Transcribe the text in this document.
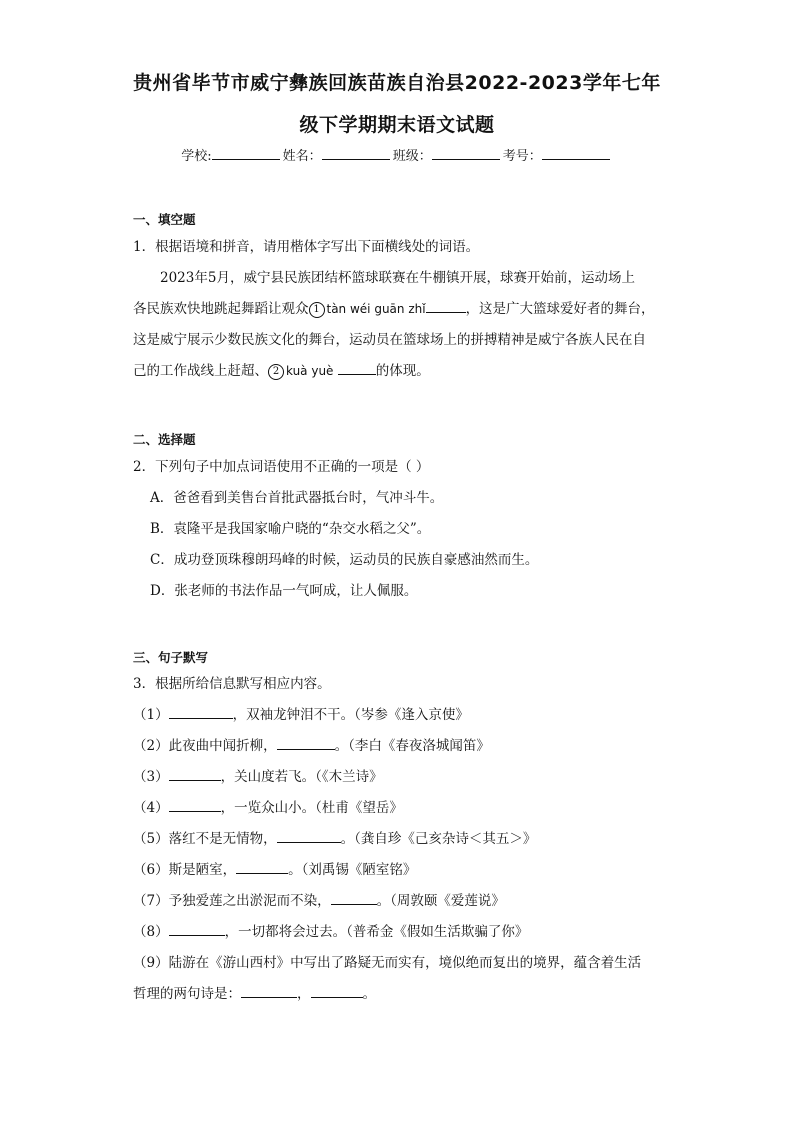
贵州省毕节市威宁彝族回族苗族自治县2022-2023学年七年
级下学期期末语文试题
学校:	姓名：	班级：	考号：
一、填空题
1．根据语境和拼音，请用楷体字写出下面横线处的词语。
2023年5月，威宁县民族团结杯篮球联赛在牛棚镇开展，球赛开始前，运动场上
各民族欢快地跳起舞蹈让观众 1 tàn wéi guān zhǐ	，这是广大篮球爱好者的舞台，
这是威宁展示少数民族文化的舞台，运动员在篮球场上的拼搏精神是威宁各族人民在自
己的工作战线上赶超、 2 kuà yuè	的体现。
二、选择题
2．下列句子中加点词语使用不正确的一项是（ ）
A．爸爸看到美售台首批武器抵台时，气冲斗牛。
B．袁隆平是我国家喻户晓的“杂交水稻之父”。
C．成功登顶珠穆朗玛峰的时候，运动员的民族自豪感油然而生。
D．张老师的书法作品一气呵成，让人佩服。
三、句子默写
3．根据所给信息默写相应内容。
（1）	，双袖龙钟泪不干。（岑参《逢入京使》
（2）此夜曲中闻折柳，	。（李白《春夜洛城闻笛》
（3）	，关山度若飞。（《木兰诗》
（4）	，一览众山小。（杜甫《望岳》
（5）落红不是无情物，	。（龚自珍《己亥杂诗＜其五＞》
（6）斯是陋室，	。（刘禹锡《陋室铭》
（7）予独爱莲之出淤泥而不染，	。（周敦颐《爱莲说》
（8）	，一切都将会过去。（普希金《假如生活欺骗了你》
（9）陆游在《游山西村》中写出了路疑无而实有，境似绝而复出的境界，蕴含着生活
哲理的两句诗是：	，	。
